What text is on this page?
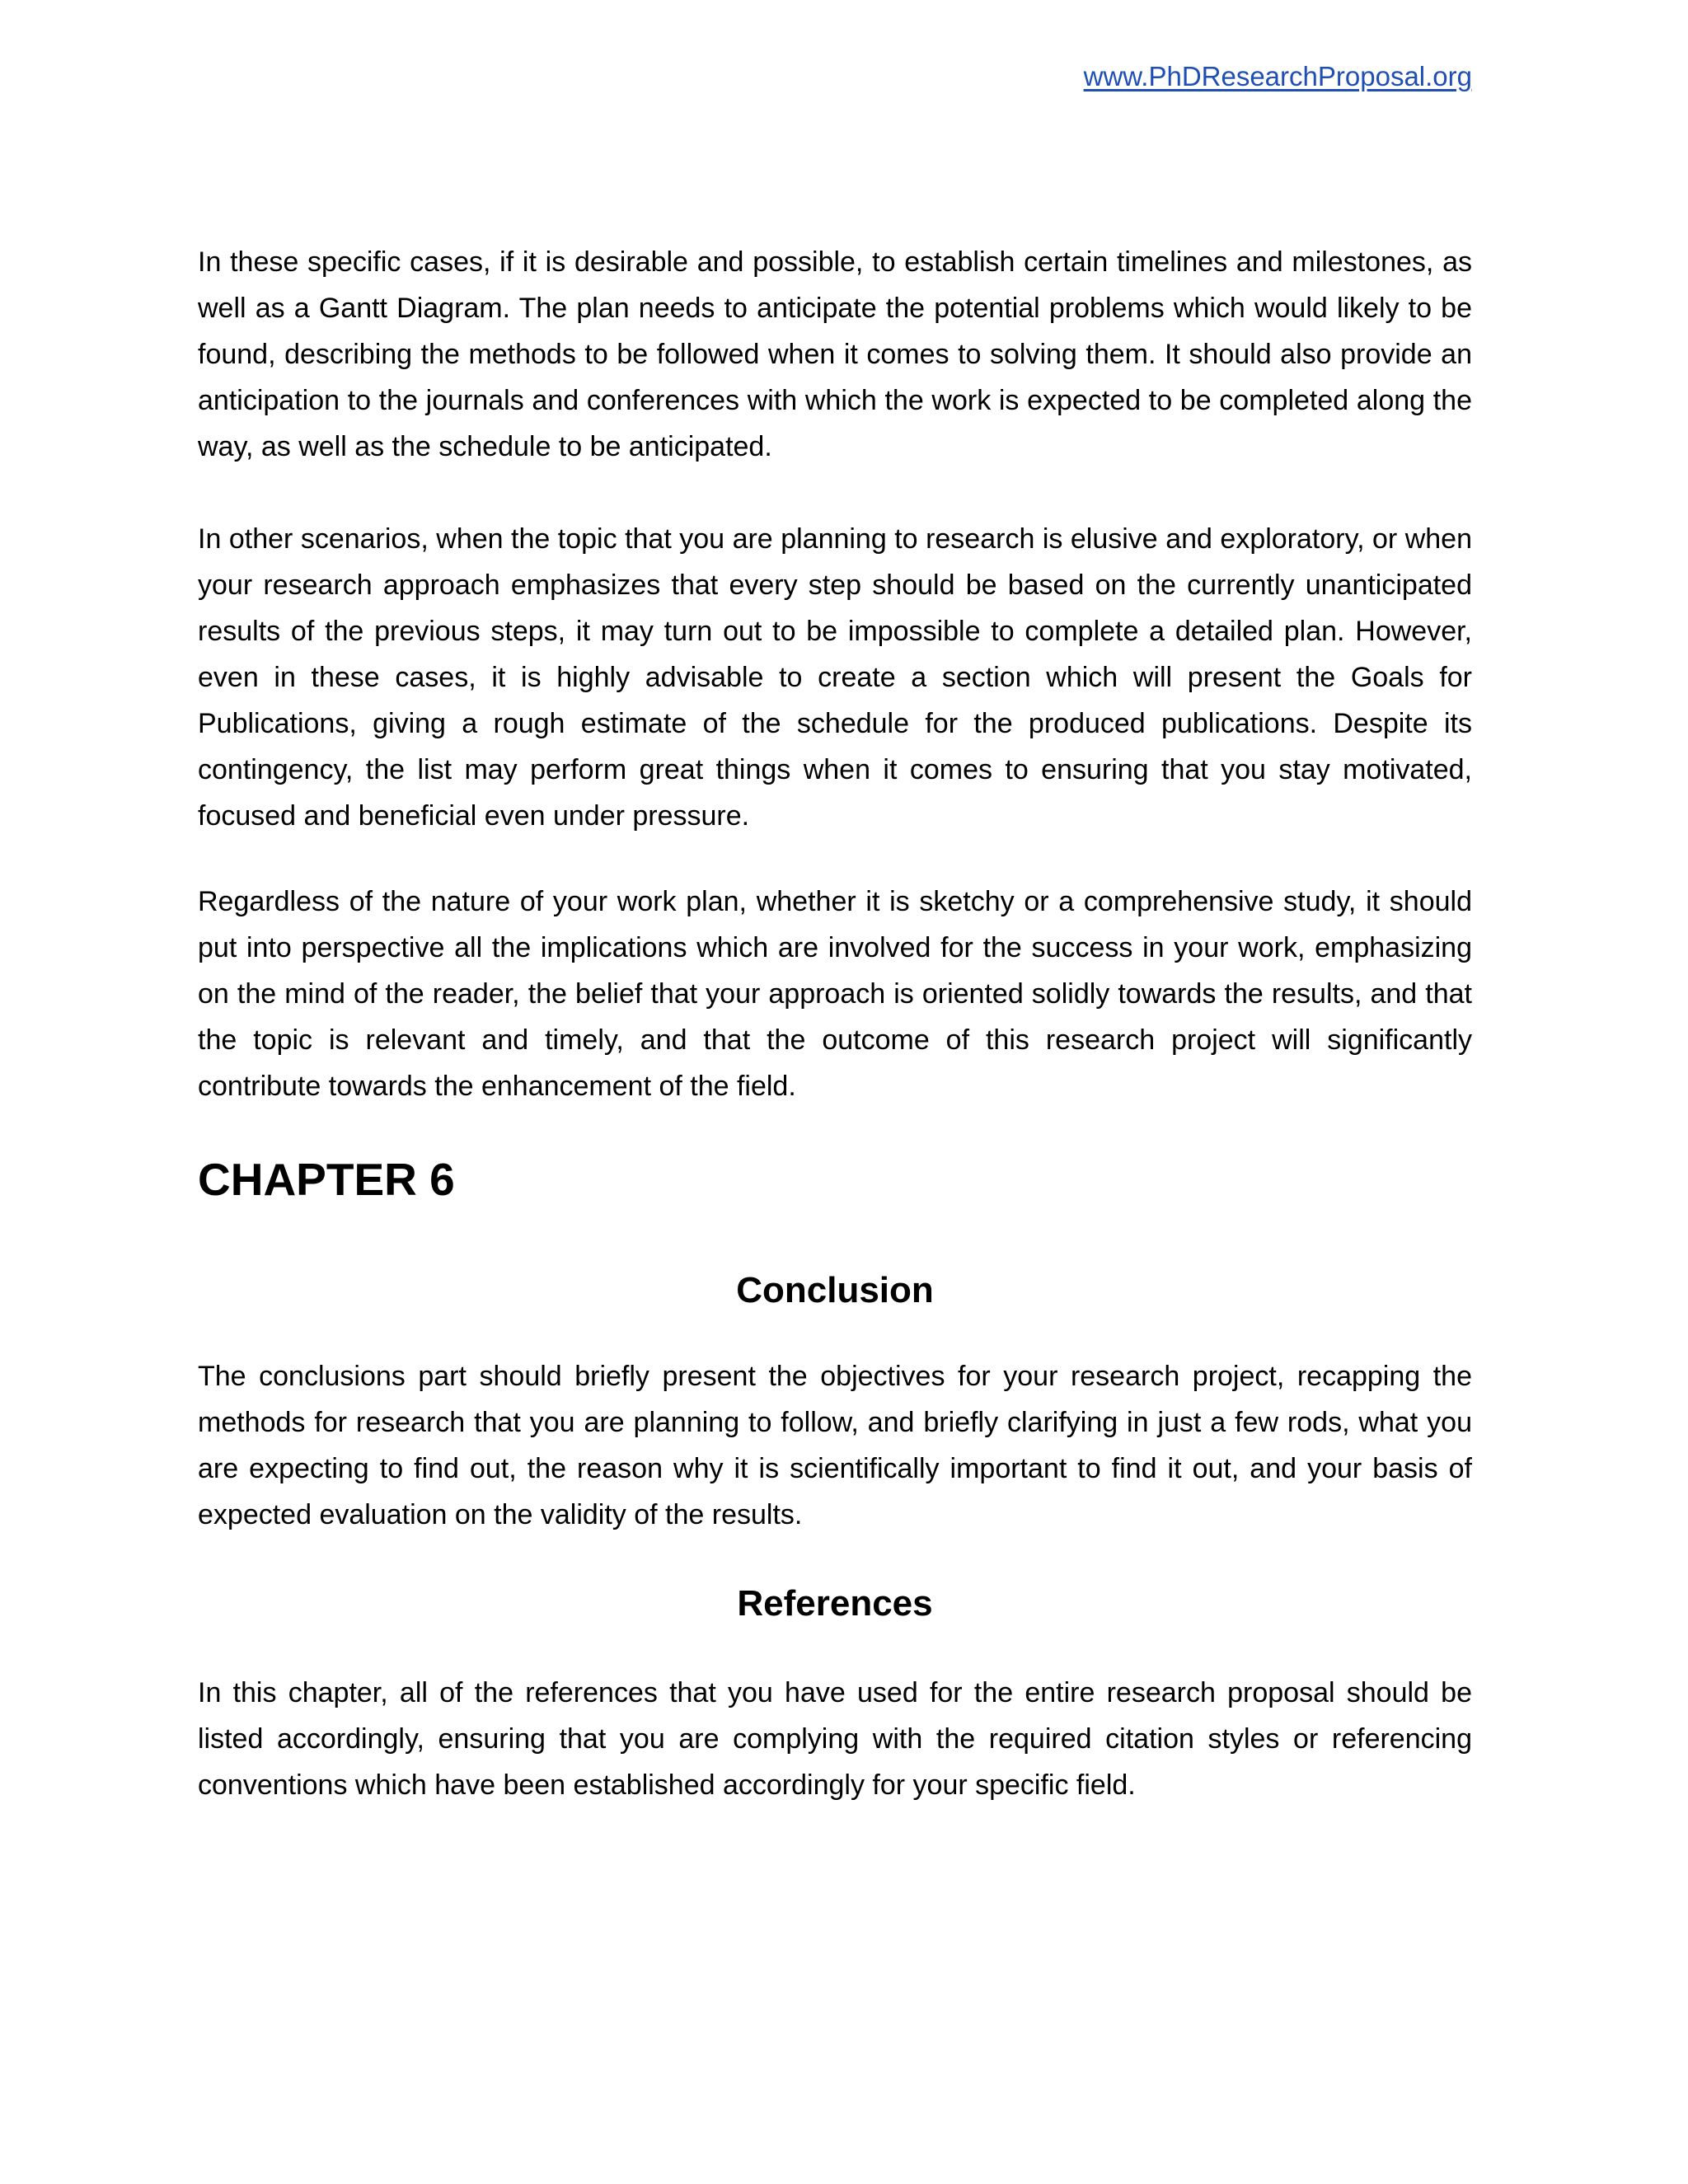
www.PhDResearchProposal.org

In these specific cases, if it is desirable and possible, to establish certain timelines and milestones, as well as a Gantt Diagram. The plan needs to anticipate the potential problems which would likely to be found, describing the methods to be followed when it comes to solving them. It should also provide an anticipation to the journals and conferences with which the work is expected to be completed along the way, as well as the schedule to be anticipated.

In other scenarios, when the topic that you are planning to research is elusive and exploratory, or when your research approach emphasizes that every step should be based on the currently unanticipated results of the previous steps, it may turn out to be impossible to complete a detailed plan. However, even in these cases, it is highly advisable to create a section which will present the Goals for Publications, giving a rough estimate of the schedule for the produced publications. Despite its contingency, the list may perform great things when it comes to ensuring that you stay motivated, focused and beneficial even under pressure.

Regardless of the nature of your work plan, whether it is sketchy or a comprehensive study, it should put into perspective all the implications which are involved for the success in your work, emphasizing on the mind of the reader, the belief that your approach is oriented solidly towards the results, and that the topic is relevant and timely, and that the outcome of this research project will significantly contribute towards the enhancement of the field.

CHAPTER 6
Conclusion

The conclusions part should briefly present the objectives for your research project, recapping the methods for research that you are planning to follow, and briefly clarifying in just a few rods, what you are expecting to find out, the reason why it is scientifically important to find it out, and your basis of expected evaluation on the validity of the results.

References

In this chapter, all of the references that you have used for the entire research proposal should be listed accordingly, ensuring that you are complying with the required citation styles or referencing conventions which have been established accordingly for your specific field.
